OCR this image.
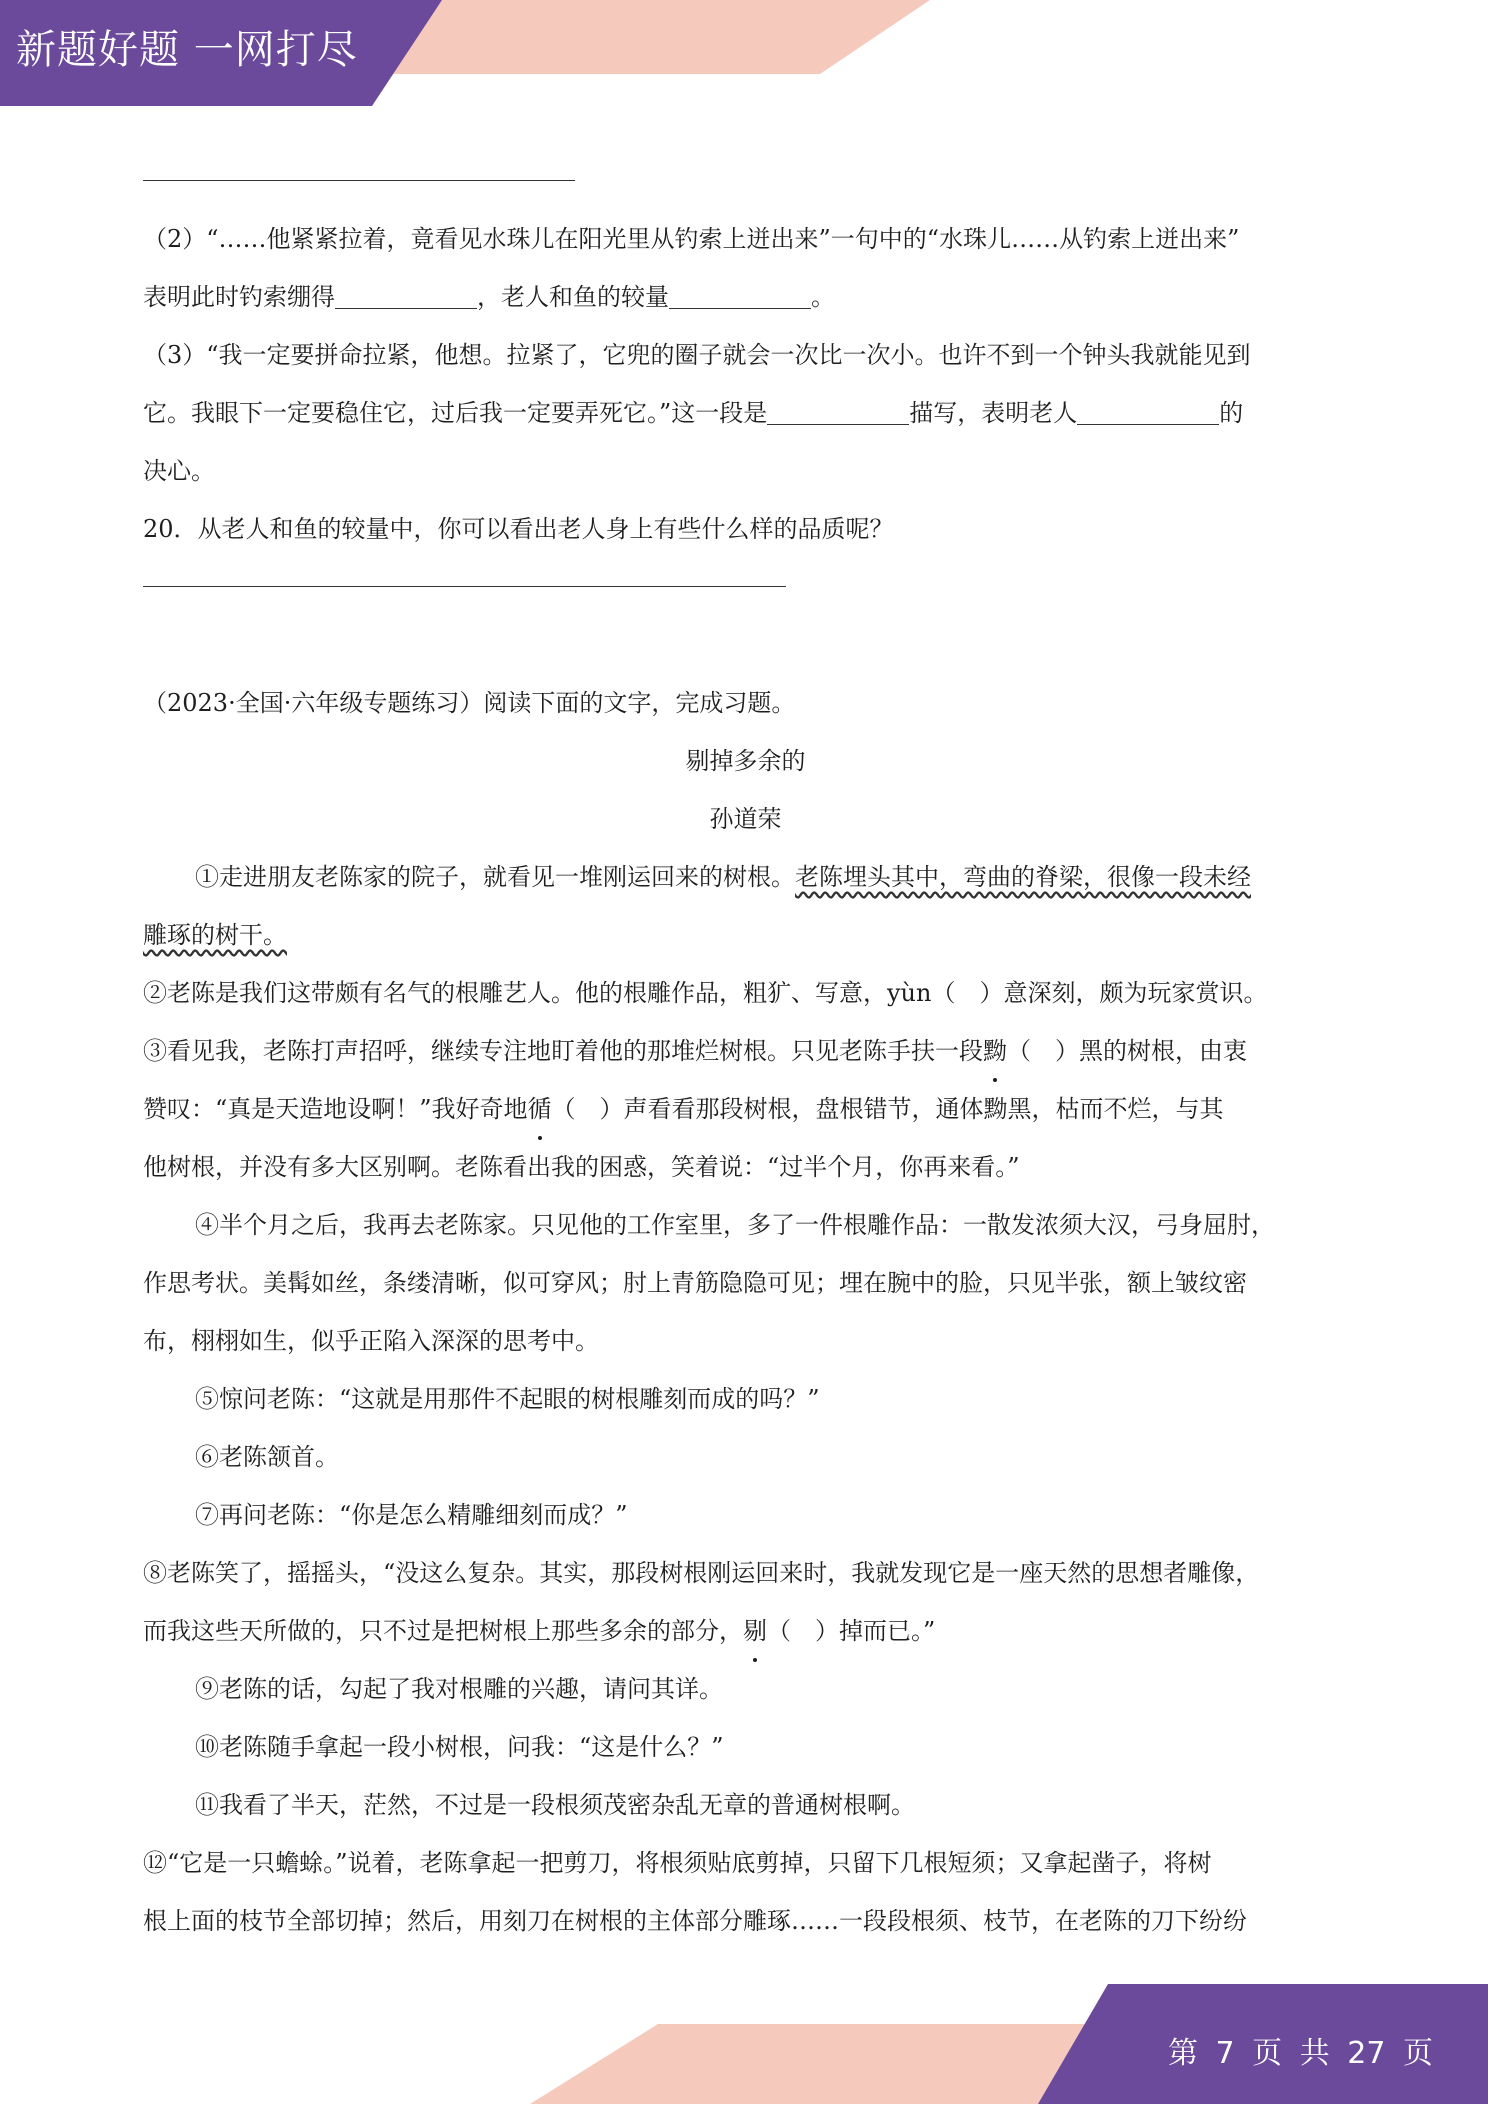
新题好题 一网打尽
第 7 页 共 27 页
（2）“……他紧紧拉着，竟看见水珠儿在阳光里从钓索上迸出来”一句中的“水珠儿……从钓索上迸出来”
表明此时钓索绷得	，老人和鱼的较量	。
（3）“我一定要拼命拉紧，他想。拉紧了，它兜的圈子就会一次比一次小。也许不到一个钟头我就能见到
它。我眼下一定要稳住它，过后我一定要弄死它。”这一段是	描写，表明老人	的
决心。
20．从老人和鱼的较量中，你可以看出老人身上有些什么样的品质呢？
（2023·全国·六年级专题练习）阅读下面的文字，完成习题。
剔掉多余的
孙道荣
①走进朋友老陈家的院子，就看见一堆刚运回来的树根。老陈埋头其中，弯曲的脊梁，很像一段未经
雕琢的树干。
②老陈是我们这带颇有名气的根雕艺人。他的根雕作品，粗犷、写意，yùn（　）意深刻，颇为玩家赏识。
③看见我，老陈打声招呼，继续专注地盯着他的那堆烂树根。只见老陈手扶一段黝（　）黑的树根，由衷
赞叹：“真是天造地设啊！”我好奇地循（　）声看看那段树根，盘根错节，通体黝黑，枯而不烂，与其
他树根，并没有多大区别啊。老陈看出我的困惑，笑着说：“过半个月，你再来看。”
④半个月之后，我再去老陈家。只见他的工作室里，多了一件根雕作品：一散发浓须大汉，弓身屈肘，
作思考状。美髯如丝，条缕清晰，似可穿风；肘上青筋隐隐可见；埋在腕中的脸，只见半张，额上皱纹密
布，栩栩如生，似乎正陷入深深的思考中。
⑤惊问老陈：“这就是用那件不起眼的树根雕刻而成的吗？”
⑥老陈颔首。
⑦再问老陈：“你是怎么精雕细刻而成？”
⑧老陈笑了，摇摇头，“没这么复杂。其实，那段树根刚运回来时，我就发现它是一座天然的思想者雕像，
而我这些天所做的，只不过是把树根上那些多余的部分，剔（　）掉而已。”
⑨老陈的话，勾起了我对根雕的兴趣，请问其详。
⑩老陈随手拿起一段小树根，问我：“这是什么？”
⑪我看了半天，茫然，不过是一段根须茂密杂乱无章的普通树根啊。
⑫“它是一只蟾蜍。”说着，老陈拿起一把剪刀，将根须贴底剪掉，只留下几根短须；又拿起凿子，将树
根上面的枝节全部切掉；然后，用刻刀在树根的主体部分雕琢……一段段根须、枝节，在老陈的刀下纷纷
